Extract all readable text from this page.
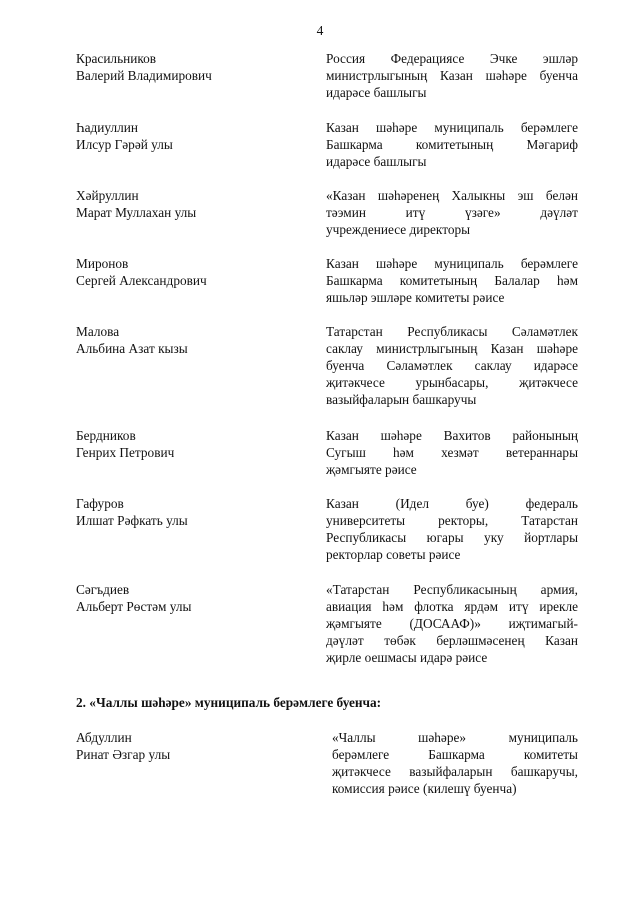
4
Красильников
Валерий Владимирович
Россия Федерациясе Эчке эшләр
министрлыгының Казан шәһәре буенча
идарәсе башлыгы
Һадиуллин
Илсур Гәрәй улы
Казан шәһәре муниципаль берәмлеге
Башкарма комитетының Мәгариф
идарәсе башлыгы
Хәйруллин
Марат Муллахан улы
«Казан шәһәренең Халыкны эш белән
тәэмин итү үзәге» дәүләт
учреждениесе директоры
Миронов
Сергей Александрович
Казан шәһәре муниципаль берәмлеге
Башкарма комитетының Балалар һәм
яшьләр эшләре комитеты рәисе
Малова
Альбина Азат кызы
Татарстан Республикасы Сәламәтлек
саклау министрлыгының Казан шәһәре
буенча Сәламәтлек саклау идарәсе
җитәкчесе урынбасары, җитәкчесе
вазыйфаларын башкаручы
Бердников
Генрих Петрович
Казан шәһәре Вахитов районының
Сугыш һәм хезмәт ветераннары
җәмгыяте рәисе
Гафуров
Илшат Рәфкать улы
Казан (Идел буе) федераль
университеты ректоры, Татарстан
Республикасы югары уку йортлары
ректорлар советы рәисе
Сәгъдиев
Альберт Рөстәм улы
«Татарстан Республикасының армия,
авиация һәм флотка ярдәм итү ирекле
җәмгыяте (ДОСААФ)» иҗтимагый-
дәүләт төбәк берләшмәсенең Казан
җирле оешмасы идарә рәисе
2. «Чаллы шәһәре» муниципаль берәмлеге буенча:
Абдуллин
Ринат Әзгар улы
«Чаллы шәһәре» муниципаль
берәмлеге Башкарма комитеты
җитәкчесе вазыйфаларын башкаручы,
комиссия рәисе (килешү буенча)
